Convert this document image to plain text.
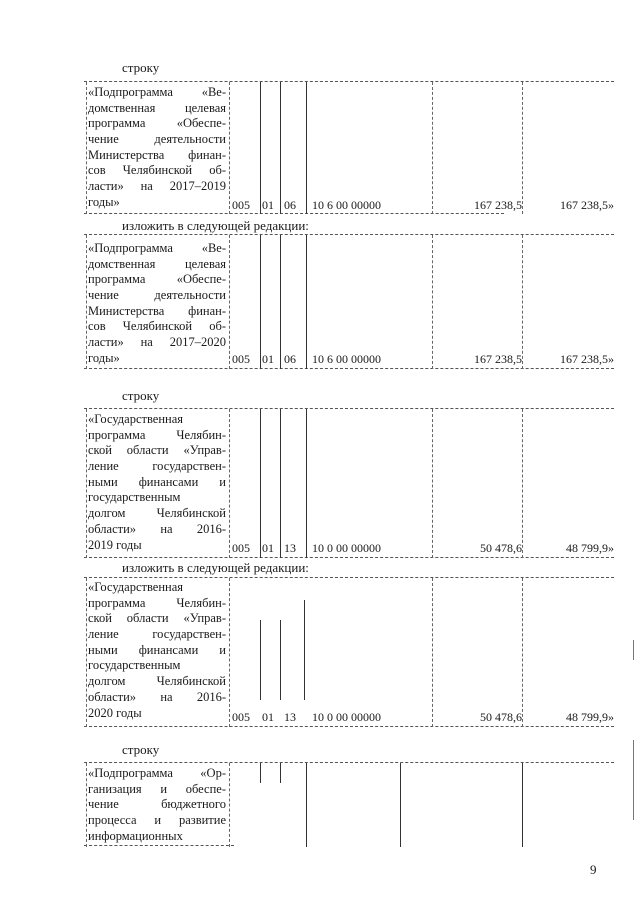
строку
«Подпрограмма «Ве-
домственная целевая
программа «Обеспе-
чение деятельности
Министерства финан-
сов Челябинской об-
ласти» на 2017–2019
годы»	005 01 06 10 6 00 00000	167 238,5	167 238,5»
изложить в следующей редакции:
«Подпрограмма «Ве-
домственная целевая
программа «Обеспе-
чение деятельности
Министерства финан-
сов Челябинской об-
ласти» на 2017–2020
годы»	005 01 06 10 6 00 00000	167 238,5	167 238,5»
строку
«Государственная
программа Челябин-
ской области «Управ-
ление государствен-
ными финансами и
государственным
долгом Челябинской
области» на 2016-
2019 годы	005 01 13 10 0 00 00000	50 478,6	48 799,9»
изложить в следующей редакции:
«Государственная
программа Челябин-
ской области «Управ-
ление государствен-
ными финансами и
государственным
долгом Челябинской
области» на 2016-
2020 годы	005 01 13 10 0 00 00000	50 478,6	48 799,9»
строку
«Подпрограмма «Ор-
ганизация и обеспе-
чение бюджетного
процесса и развитие
информационных
9
